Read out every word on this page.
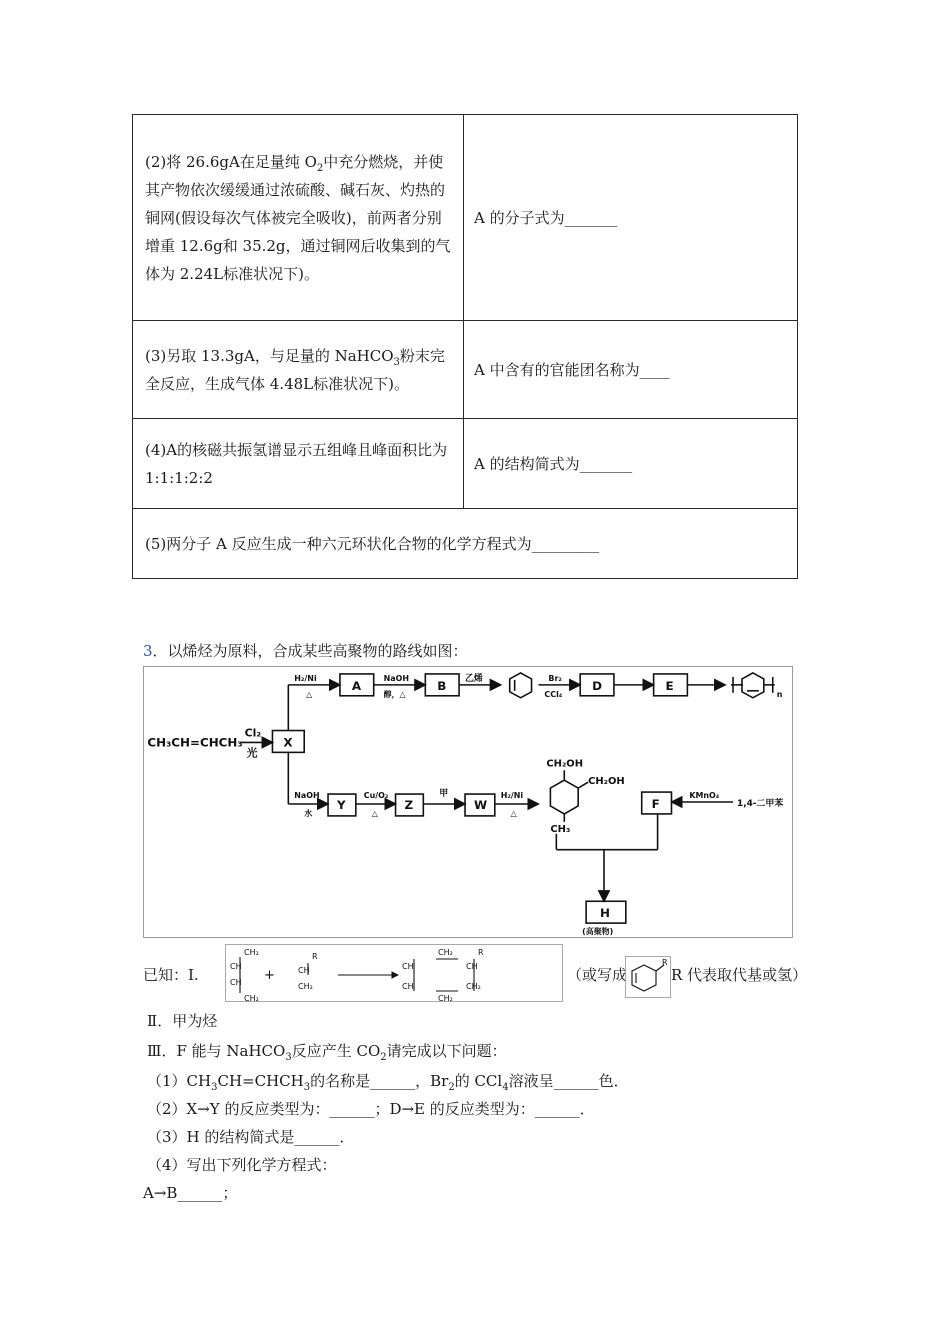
(2)将 26.6gA在足量纯 $O_2$中充分燃烧，并使其产物依次缓缓通过浓硫酸、碱石灰、灼热的铜网(假设每次气体被完全吸收)，前两者分别增重 12.6g和 35.2g，通过铜网后收集到的气体为 2.24L标准状况下)。	A 的分子式为_______
(3)另取 13.3gA，与足量的 NaHCO$_3$粉末完全反应，生成气体 4.48L标准状况下)。	A 中含有的官能团名称为____
(4)A的核磁共振氢谱显示五组峰且峰面积比为 1:1:1:2:2	A 的结构简式为_______
(5)两分子 A 反应生成一种六元环状化合物的化学方程式为_________	
3．以烯烃为原料，合成某些高聚物的路线如图：
CH₃CH=CHCH₃
Cl₂
光
X
H₂/Ni
△
A
NaOH
醇，△
B 乙烯	Br₂
CCl₄
D	E
n
NaOH
水
Y
Cu/O₂
△
Z
甲
W
H₂/Ni
△
CH₂OH
CH₂OH
CH₃
F
KMnO₄
1,4-二甲苯
H
(高聚物)
已知：Ⅰ.
CH₂
CH
CH
CH₂
+
R
CH
CH₂
CH₂	R
CH	CH
CH	CH₂
CH₂
（或写成
R
R 代表取代基或氢）
Ⅱ．甲为烃
Ⅲ．F 能与 NaHCO$_3$反应产生 $CO_2$请完成以下问题：
$(1)CH_3CH=CHCH_3$的名称是______，$Br_2$的 CCl$_4$溶液呈______色．
（2）X→Y 的反应类型为：______；D→E 的反应类型为：______．
（3）H 的结构简式是______．
（4）写出下列化学方程式：
A→B______；
